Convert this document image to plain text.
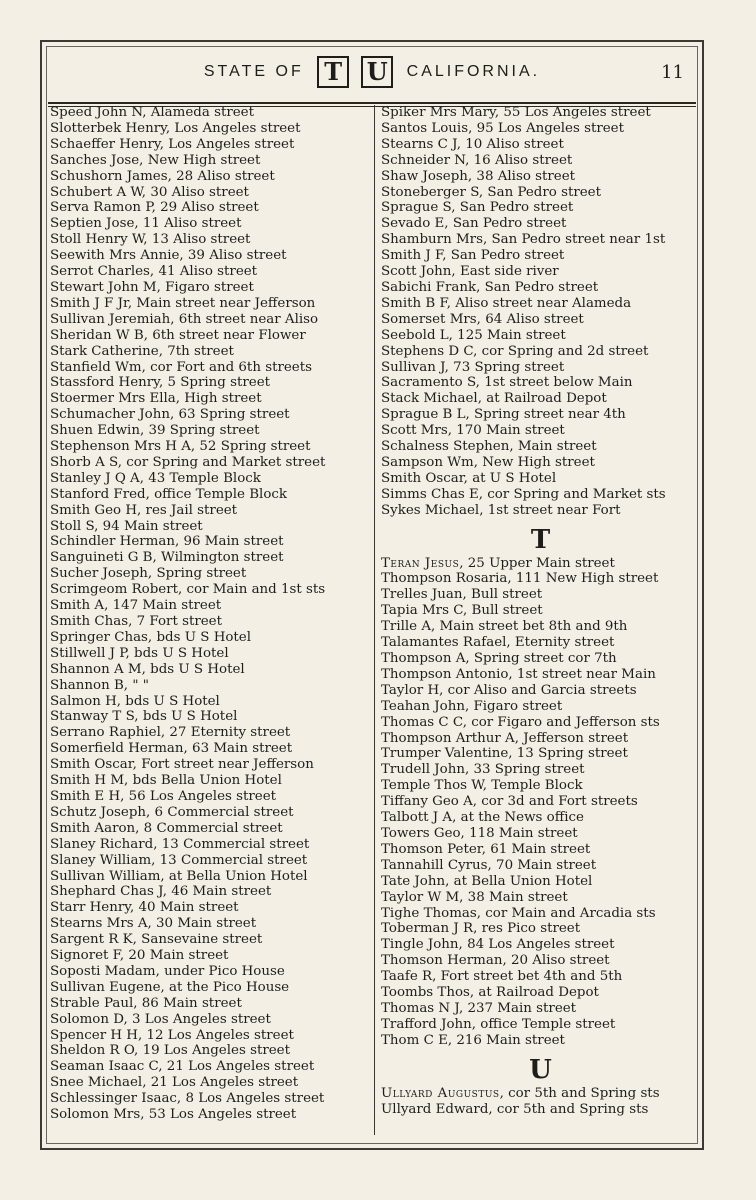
STATE OF T U CALIFORNIA.	11
Speed John N, Alameda street
Slotterbek Henry, Los Angeles street
Schaeffer Henry, Los Angeles street
Sanches Jose, New High street
Schushorn James, 28 Aliso street
Schubert A W, 30 Aliso street
Serva Ramon P, 29 Aliso street
Septien Jose, 11 Aliso street
Stoll Henry W, 13 Aliso street
Seewith Mrs Annie, 39 Aliso street
Serrot Charles, 41 Aliso street
Stewart John M, Figaro street
Smith J F Jr, Main street near Jefferson
Sullivan Jeremiah, 6th street near Aliso
Sheridan W B, 6th street near Flower
Stark Catherine, 7th street
Stanfield Wm, cor Fort and 6th streets
Stassford Henry, 5 Spring street
Stoermer Mrs Ella, High street
Schumacher John, 63 Spring street
Shuen Edwin, 39 Spring street
Stephenson Mrs H A, 52 Spring street
Shorb A S, cor Spring and Market street
Stanley J Q A, 43 Temple Block
Stanford Fred, office Temple Block
Smith Geo H, res Jail street
Stoll S, 94 Main street
Schindler Herman, 96 Main street
Sanguineti G B, Wilmington street
Sucher Joseph, Spring street
Scrimgeom Robert, cor Main and 1st sts
Smith A, 147 Main street
Smith Chas, 7 Fort street
Springer Chas, bds U S Hotel
Stillwell J P, bds U S Hotel
Shannon A M, bds U S Hotel
Shannon B, " "
Salmon H, bds U S Hotel
Stanway T S, bds U S Hotel
Serrano Raphiel, 27 Eternity street
Somerfield Herman, 63 Main street
Smith Oscar, Fort street near Jefferson
Smith H M, bds Bella Union Hotel
Smith E H, 56 Los Angeles street
Schutz Joseph, 6 Commercial street
Smith Aaron, 8 Commercial street
Slaney Richard, 13 Commercial street
Slaney William, 13 Commercial street
Sullivan William, at Bella Union Hotel
Shephard Chas J, 46 Main street
Starr Henry, 40 Main street
Stearns Mrs A, 30 Main street
Sargent R K, Sansevaine street
Signoret F, 20 Main street
Soposti Madam, under Pico House
Sullivan Eugene, at the Pico House
Strable Paul, 86 Main street
Solomon D, 3 Los Angeles street
Spencer H H, 12 Los Angeles street
Sheldon R O, 19 Los Angeles street
Seaman Isaac C, 21 Los Angeles street
Snee Michael, 21 Los Angeles street
Schlessinger Isaac, 8 Los Angeles street
Solomon Mrs, 53 Los Angeles street
Spiker Mrs Mary, 55 Los Angeles street
Santos Louis, 95 Los Angeles street
Stearns C J, 10 Aliso street
Schneider N, 16 Aliso street
Shaw Joseph, 38 Aliso street
Stoneberger S, San Pedro street
Sprague S, San Pedro street
Sevado E, San Pedro street
Shamburn Mrs, San Pedro street near 1st
Smith J F, San Pedro street
Scott John, East side river
Sabichi Frank, San Pedro street
Smith B F, Aliso street near Alameda
Somerset Mrs, 64 Aliso street
Seebold L, 125 Main street
Stephens D C, cor Spring and 2d street
Sullivan J, 73 Spring street
Sacramento S, 1st street below Main
Stack Michael, at Railroad Depot
Sprague B L, Spring street near 4th
Scott Mrs, 170 Main street
Schalness Stephen, Main street
Sampson Wm, New High street
Smith Oscar, at U S Hotel
Simms Chas E, cor Spring and Market sts
Sykes Michael, 1st street near Fort
T
Teran Jesus, 25 Upper Main street
Thompson Rosaria, 111 New High street
Trelles Juan, Bull street
Tapia Mrs C, Bull street
Trille A, Main street bet 8th and 9th
Talamantes Rafael, Eternity street
Thompson A, Spring street cor 7th
Thompson Antonio, 1st street near Main
Taylor H, cor Aliso and Garcia streets
Teahan John, Figaro street
Thomas C C, cor Figaro and Jefferson sts
Thompson Arthur A, Jefferson street
Trumper Valentine, 13 Spring street
Trudell John, 33 Spring street
Temple Thos W, Temple Block
Tiffany Geo A, cor 3d and Fort streets
Talbott J A, at the News office
Towers Geo, 118 Main street
Thomson Peter, 61 Main street
Tannahill Cyrus, 70 Main street
Tate John, at Bella Union Hotel
Taylor W M, 38 Main street
Tighe Thomas, cor Main and Arcadia sts
Toberman J R, res Pico street
Tingle John, 84 Los Angeles street
Thomson Herman, 20 Aliso street
Taafe R, Fort street bet 4th and 5th
Toombs Thos, at Railroad Depot
Thomas N J, 237 Main street
Trafford John, office Temple street
Thom C E, 216 Main street
U
Ullyard Augustus, cor 5th and Spring sts
Ullyard Edward, cor 5th and Spring sts
